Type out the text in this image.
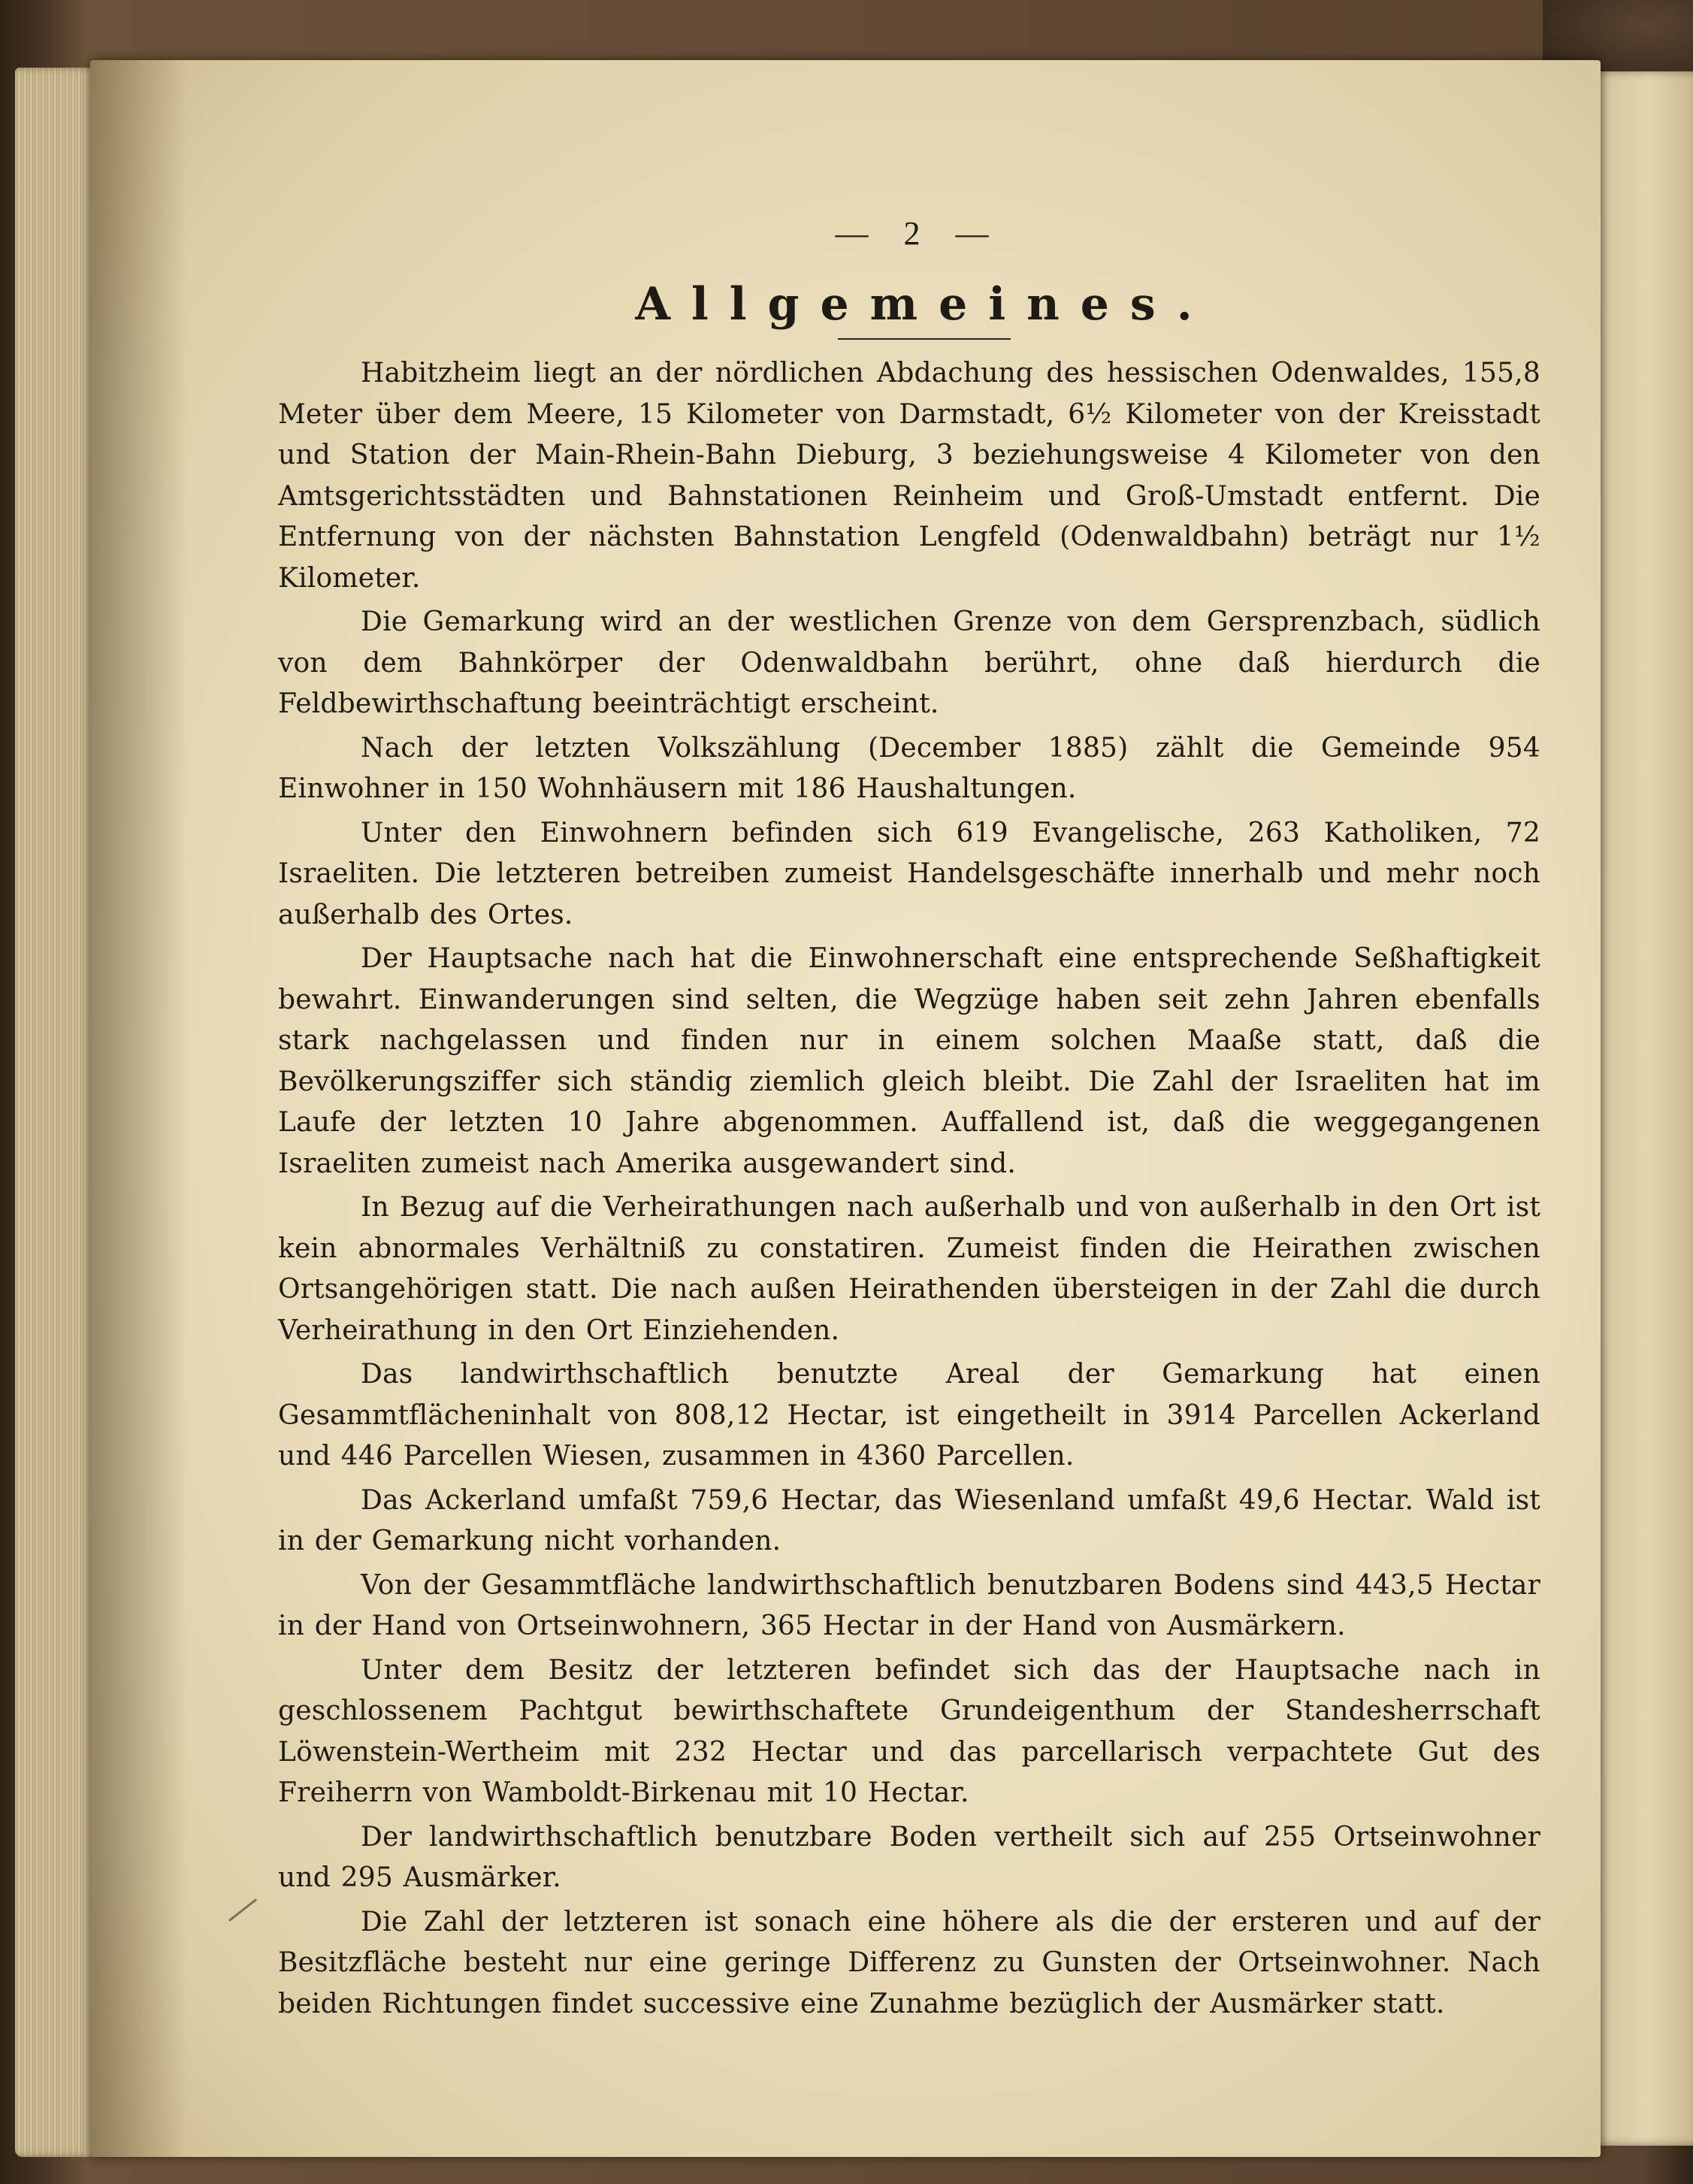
— 2 —
Allgemeines.

Habitzheim liegt an der nördlichen Abdachung des hessischen Odenwaldes, 155,8 Meter über dem Meere, 15 Kilometer von Darmstadt, 6½ Kilometer von der Kreisstadt und Station der Main-Rhein-Bahn Dieburg, 3 beziehungsweise 4 Kilometer von den Amtsgerichtsstädten und Bahnstationen Reinheim und Groß-Umstadt entfernt. Die Entfernung von der nächsten Bahnstation Lengfeld (Odenwaldbahn) beträgt nur 1½ Kilometer.

Die Gemarkung wird an der westlichen Grenze von dem Gersprenzbach, südlich von dem Bahnkörper der Odenwaldbahn berührt, ohne daß hierdurch die Feldbewirthschaftung beeinträchtigt erscheint.

Nach der letzten Volkszählung (December 1885) zählt die Gemeinde 954 Einwohner in 150 Wohnhäusern mit 186 Haushaltungen.

Unter den Einwohnern befinden sich 619 Evangelische, 263 Katholiken, 72 Israeliten. Die letzteren betreiben zumeist Handelsgeschäfte innerhalb und mehr noch außerhalb des Ortes.

Der Hauptsache nach hat die Einwohnerschaft eine entsprechende Seßhaftigkeit bewahrt. Einwanderungen sind selten, die Wegzüge haben seit zehn Jahren ebenfalls stark nachgelassen und finden nur in einem solchen Maaße statt, daß die Bevölkerungsziffer sich ständig ziemlich gleich bleibt. Die Zahl der Israeliten hat im Laufe der letzten 10 Jahre abgenommen. Auffallend ist, daß die weggegangenen Israeliten zumeist nach Amerika ausgewandert sind.

In Bezug auf die Verheirathungen nach außerhalb und von außerhalb in den Ort ist kein abnormales Verhältniß zu constatiren. Zumeist finden die Heirathen zwischen Ortsangehörigen statt. Die nach außen Heirathenden übersteigen in der Zahl die durch Verheirathung in den Ort Einziehenden.

Das landwirthschaftlich benutzte Areal der Gemarkung hat einen Gesammtflächeninhalt von 808,12 Hectar, ist eingetheilt in 3914 Parcellen Ackerland und 446 Parcellen Wiesen, zusammen in 4360 Parcellen.

Das Ackerland umfaßt 759,6 Hectar, das Wiesenland umfaßt 49,6 Hectar. Wald ist in der Gemarkung nicht vorhanden.

Von der Gesammtfläche landwirthschaftlich benutzbaren Bodens sind 443,5 Hectar in der Hand von Ortseinwohnern, 365 Hectar in der Hand von Ausmärkern.

Unter dem Besitz der letzteren befindet sich das der Hauptsache nach in geschlossenem Pachtgut bewirthschaftete Grundeigenthum der Standesherrschaft Löwenstein-Wertheim mit 232 Hectar und das parcellarisch verpachtete Gut des Freiherrn von Wamboldt-Birkenau mit 10 Hectar.

Der landwirthschaftlich benutzbare Boden vertheilt sich auf 255 Ortseinwohner und 295 Ausmärker.

Die Zahl der letzteren ist sonach eine höhere als die der ersteren und auf der Besitzfläche besteht nur eine geringe Differenz zu Gunsten der Ortseinwohner. Nach beiden Richtungen findet successive eine Zunahme bezüglich der Ausmärker statt.
